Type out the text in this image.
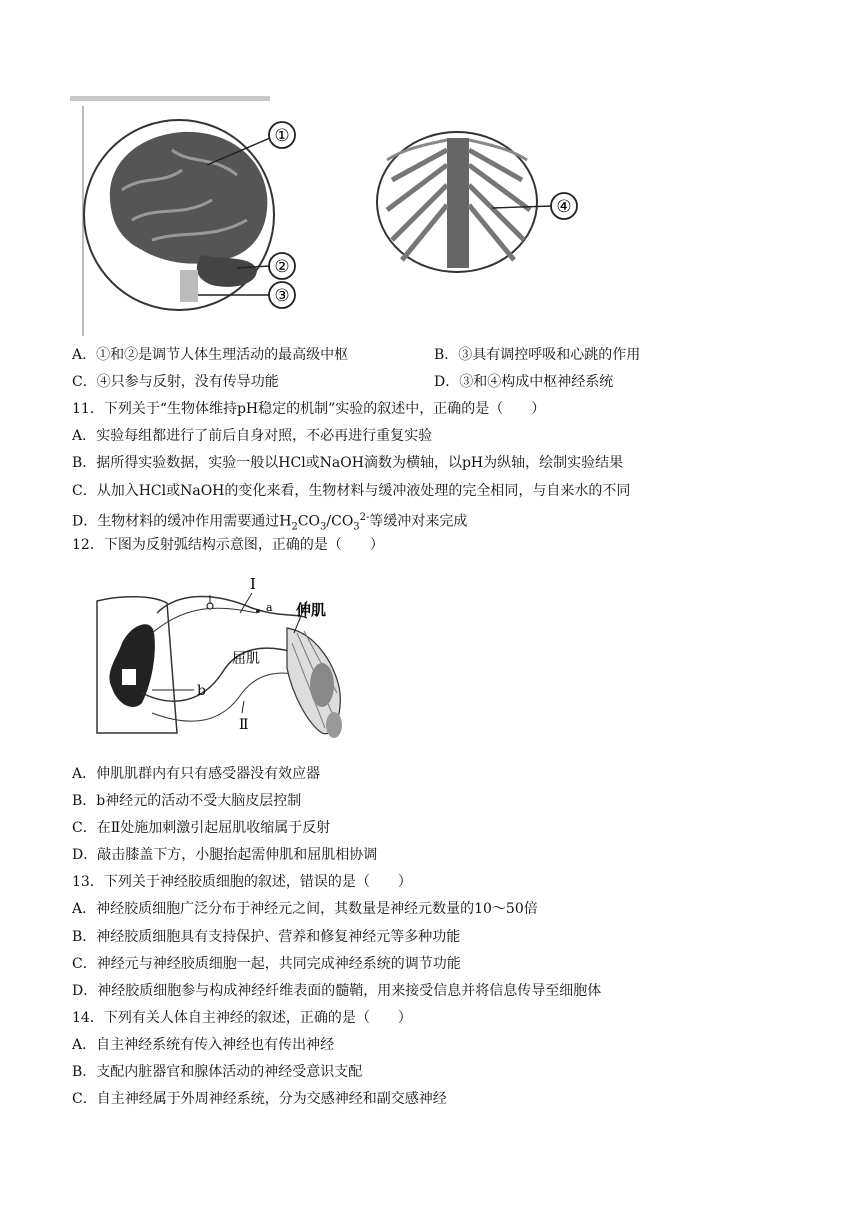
①
②
③
④
A．①和②是调节人体生理活动的最高级中枢	B．③具有调控呼吸和心跳的作用
C．④只参与反射，没有传导功能	D．③和④构成中枢神经系统
11．下列关于“生物体维持pH稳定的机制”实验的叙述中，正确的是（　　）
A．实验每组都进行了前后自身对照，不必再进行重复实验
B．据所得实验数据，实验一般以HCl或NaOH滴数为横轴，以pH为纵轴，绘制实验结果
C．从加入HCl或NaOH的变化来看，生物材料与缓冲液处理的完全相同，与自来水的不同
D．生物材料的缓冲作用需要通过$H_2CO_3/CO_3^{2-}$等缓冲对来完成
12．下图为反射弧结构示意图，正确的是（　　）
Ⅰ
a 伸肌
屈肌
b
Ⅱ
A．伸肌肌群内有只有感受器没有效应器
B．b神经元的活动不受大脑皮层控制
C．在Ⅱ处施加刺激引起屈肌收缩属于反射
D．敲击膝盖下方，小腿抬起需伸肌和屈肌相协调
13．下列关于神经胶质细胞的叙述，错误的是（　　）
A．神经胶质细胞广泛分布于神经元之间，其数量是神经元数量的10～50倍
B．神经胶质细胞具有支持保护、营养和修复神经元等多种功能
C．神经元与神经胶质细胞一起，共同完成神经系统的调节功能
D．神经胶质细胞参与构成神经纤维表面的髓鞘，用来接受信息并将信息传导至细胞体
14．下列有关人体自主神经的叙述，正确的是（　　）
A．自主神经系统有传入神经也有传出神经
B．支配内脏器官和腺体活动的神经受意识支配
C．自主神经属于外周神经系统，分为交感神经和副交感神经
